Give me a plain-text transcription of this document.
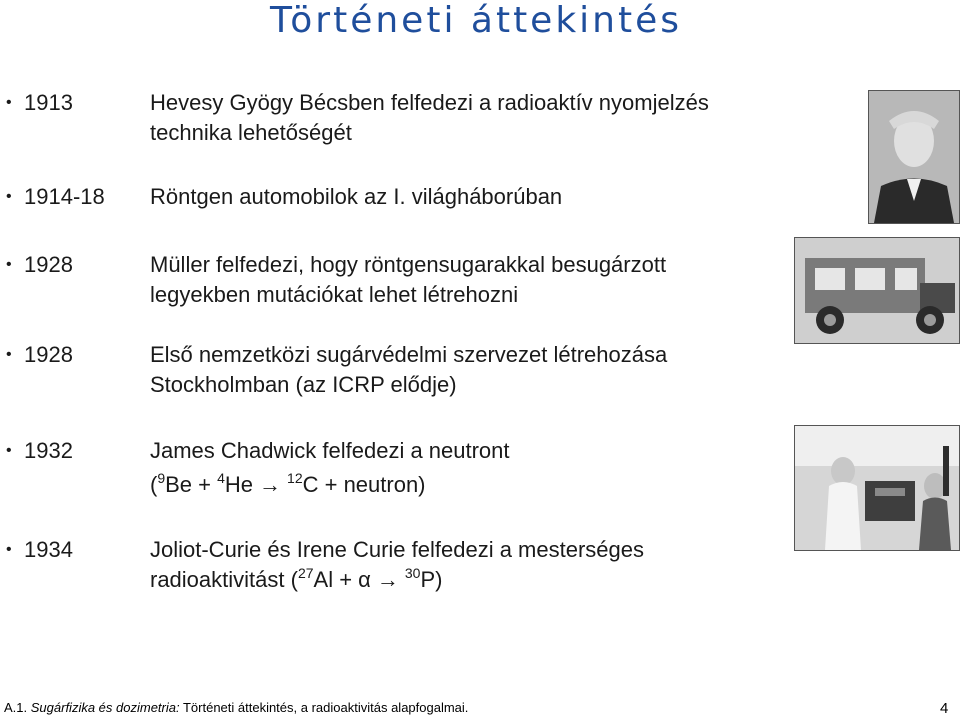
Történeti áttekintés
• 1913	Hevesy Gyögy Bécsben felfedezi a radioaktív nyomjelzés
technika lehetőségét
• 1914-18 Röntgen automobilok az I. világháborúban
• 1928	Müller felfedezi, hogy röntgensugarakkal besugárzott
legyekben mutációkat lehet létrehozni
• 1928	Első nemzetközi sugárvédelmi szervezet létrehozása
Stockholmban (az ICRP elődje)
• 1932	James Chadwick felfedezi a neutront
($^9$Be + $^4$He → $^{12}$C + neutron)
• 1934	Joliot-Curie és Irene Curie felfedezi a mesterséges
radioaktivitást ($^{27}$Al + α → $^{30}$P)
A.1. Sugárfizika és dozimetria: Történeti áttekintés, a radioaktivitás alapfogalmai.	4
